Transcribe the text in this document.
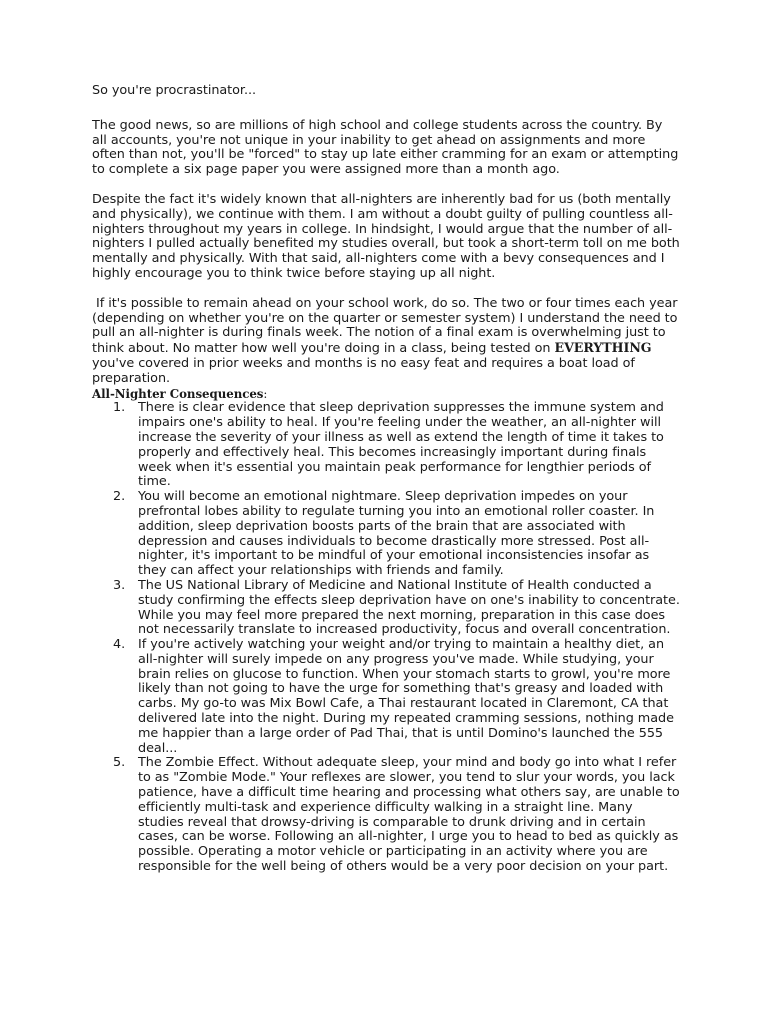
So you're procrastinator...

The good news, so are millions of high school and college students across the country. By all accounts, you're not unique in your inability to get ahead on assignments and more often than not, you'll be "forced" to stay up late either cramming for an exam or attempting to complete a six page paper you were assigned more than a month ago.

Despite the fact it's widely known that all-nighters are inherently bad for us (both mentally and physically), we continue with them. I am without a doubt guilty of pulling countless all-nighters throughout my years in college. In hindsight, I would argue that the number of all-nighters I pulled actually benefited my studies overall, but took a short-term toll on me both mentally and physically. With that said, all-nighters come with a bevy consequences and I highly encourage you to think twice before staying up all night.

If it's possible to remain ahead on your school work, do so. The two or four times each year (depending on whether you're on the quarter or semester system) I understand the need to pull an all-nighter is during finals week. The notion of a final exam is overwhelming just to think about. No matter how well you're doing in a class, being tested on EVERYTHING you've covered in prior weeks and months is no easy feat and requires a boat load of preparation.

All-Nighter Consequences:

1.	There is clear evidence that sleep deprivation suppresses the immune system and impairs one's ability to heal. If you're feeling under the weather, an all-nighter will increase the severity of your illness as well as extend the length of time it takes to properly and effectively heal. This becomes increasingly important during finals week when it's essential you maintain peak performance for lengthier periods of time.
2.	You will become an emotional nightmare. Sleep deprivation impedes on your prefrontal lobes ability to regulate turning you into an emotional roller coaster. In addition, sleep deprivation boosts parts of the brain that are associated with depression and causes individuals to become drastically more stressed. Post all-nighter, it's important to be mindful of your emotional inconsistencies insofar as they can affect your relationships with friends and family.
3.	The US National Library of Medicine and National Institute of Health conducted a study confirming the effects sleep deprivation have on one's inability to concentrate. While you may feel more prepared the next morning, preparation in this case does not necessarily translate to increased productivity, focus and overall concentration.
4.	If you're actively watching your weight and/or trying to maintain a healthy diet, an all-nighter will surely impede on any progress you've made. While studying, your brain relies on glucose to function. When your stomach starts to growl, you're more likely than not going to have the urge for something that's greasy and loaded with carbs. My go-to was Mix Bowl Cafe, a Thai restaurant located in Claremont, CA that delivered late into the night. During my repeated cramming sessions, nothing made me happier than a large order of Pad Thai, that is until Domino's launched the 555 deal...
5.	The Zombie Effect. Without adequate sleep, your mind and body go into what I refer to as "Zombie Mode." Your reflexes are slower, you tend to slur your words, you lack patience, have a difficult time hearing and processing what others say, are unable to efficiently multi-task and experience difficulty walking in a straight line. Many studies reveal that drowsy-driving is comparable to drunk driving and in certain cases, can be worse. Following an all-nighter, I urge you to head to bed as quickly as possible. Operating a motor vehicle or participating in an activity where you are responsible for the well being of others would be a very poor decision on your part.
